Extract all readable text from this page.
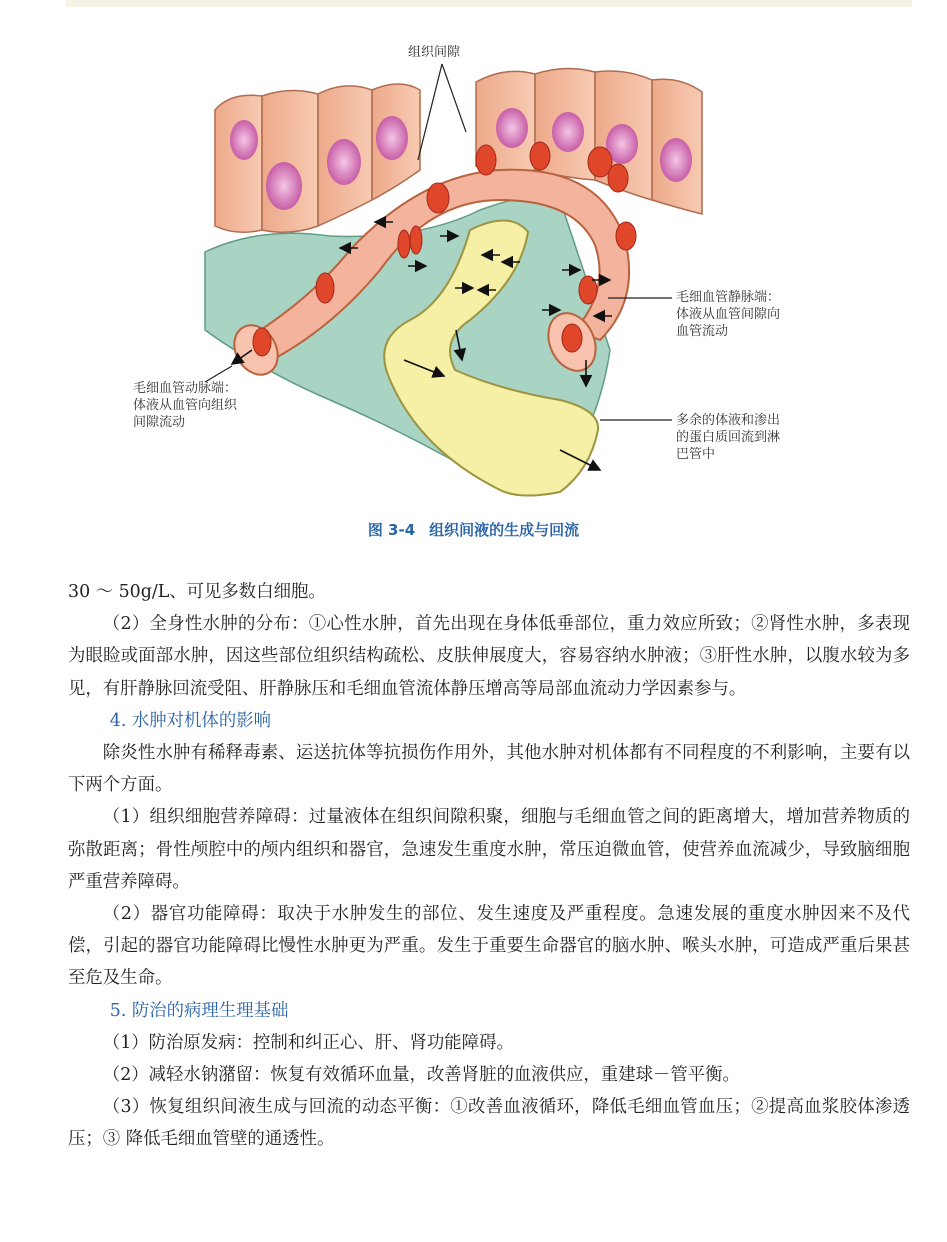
组织间隙
毛细血管静脉端：
体液从血管间隙向
血管流动
毛细血管动脉端：
体液从血管向组织
间隙流动	多余的体液和渗出
的蛋白质回流到淋
巴管中
图 3-4 组织间液的生成与回流

30 ～ 50g/L、可见多数白细胞。

（2）全身性水肿的分布：①心性水肿，首先出现在身体低垂部位，重力效应所致；②肾性水肿，多表现为眼睑或面部水肿，因这些部位组织结构疏松、皮肤伸展度大，容易容纳水肿液；③肝性水肿，以腹水较为多见，有肝静脉回流受阻、肝静脉压和毛细血管流体静压增高等局部血流动力学因素参与。

4. 水肿对机体的影响

除炎性水肿有稀释毒素、运送抗体等抗损伤作用外，其他水肿对机体都有不同程度的不利影响，主要有以下两个方面。

（1）组织细胞营养障碍：过量液体在组织间隙积聚，细胞与毛细血管之间的距离增大，增加营养物质的弥散距离；骨性颅腔中的颅内组织和器官，急速发生重度水肿，常压迫微血管，使营养血流减少，导致脑细胞严重营养障碍。

（2）器官功能障碍：取决于水肿发生的部位、发生速度及严重程度。急速发展的重度水肿因来不及代偿，引起的器官功能障碍比慢性水肿更为严重。发生于重要生命器官的脑水肿、喉头水肿，可造成严重后果甚至危及生命。

5. 防治的病理生理基础

（1）防治原发病：控制和纠正心、肝、肾功能障碍。

（2）减轻水钠潴留：恢复有效循环血量，改善肾脏的血液供应，重建球－管平衡。

（3）恢复组织间液生成与回流的动态平衡：①改善血液循环，降低毛细血管血压；②提高血浆胶体渗透压；③ 降低毛细血管壁的通透性。
